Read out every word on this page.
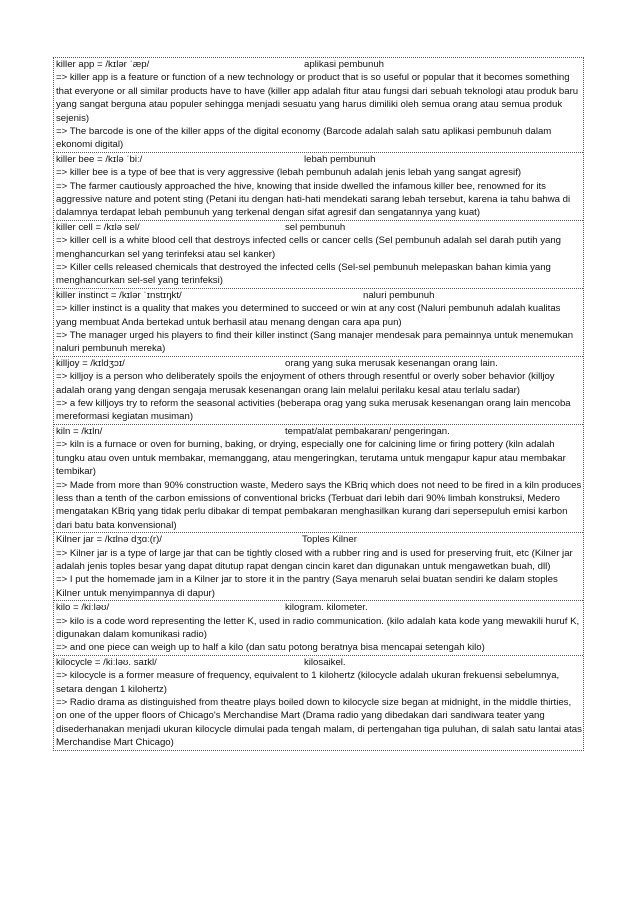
killer app = /kɪlər ˈæp/	aplikasi pembunuh
=> killer app is a feature or function of a new technology or product that is so useful or popular that it becomes something that everyone or all similar products have to have (killer app adalah fitur atau fungsi dari sebuah teknologi atau produk baru yang sangat berguna atau populer sehingga menjadi sesuatu yang harus dimiliki oleh semua orang atau semua produk sejenis)
=> The barcode is one of the killer apps of the digital economy (Barcode adalah salah satu aplikasi pembunuh dalam ekonomi digital)
killer bee = /kɪlə ˈbiː/	lebah pembunuh
=> killer bee is a type of bee that is very aggressive (lebah pembunuh adalah jenis lebah yang sangat agresif)
=> The farmer cautiously approached the hive, knowing that inside dwelled the infamous killer bee, renowned for its aggressive nature and potent sting (Petani itu dengan hati-hati mendekati sarang lebah tersebut, karena ia tahu bahwa di dalamnya terdapat lebah pembunuh yang terkenal dengan sifat agresif dan sengatannya yang kuat)
killer cell = /kɪlə sel/	sel pembunuh
=> killer cell is a white blood cell that destroys infected cells or cancer cells (Sel pembunuh adalah sel darah putih yang menghancurkan sel yang terinfeksi atau sel kanker)
=> Killer cells released chemicals that destroyed the infected cells (Sel-sel pembunuh melepaskan bahan kimia yang menghancurkan sel-sel yang terinfeksi)
killer instinct = /kɪlər ˈɪnstɪŋkt/	naluri pembunuh
=> killer instinct is a quality that makes you determined to succeed or win at any cost (Naluri pembunuh adalah kualitas yang membuat Anda bertekad untuk berhasil atau menang dengan cara apa pun)
=> The manager urged his players to find their killer instinct (Sang manajer mendesak para pemainnya untuk menemukan naluri pembunuh mereka)
killjoy = /kɪldʒɔɪ/	orang yang suka merusak kesenangan orang lain.
=> killjoy is a person who deliberately spoils the enjoyment of others through resentful or overly sober behavior (killjoy adalah orang yang dengan sengaja merusak kesenangan orang lain melalui perilaku kesal atau terlalu sadar)
=> a few killjoys try to reform the seasonal activities (beberapa orag yang suka merusak kesenangan orang lain mencoba mereformasi kegiatan musiman)
kiln = /kɪln/	tempat/alat pembakaran/ pengeringan.
=> kiln is a furnace or oven for burning, baking, or drying, especially one for calcining lime or firing pottery (kiln adalah tungku atau oven untuk membakar, memanggang, atau mengeringkan, terutama untuk mengapur kapur atau membakar tembikar)
=> Made from more than 90% construction waste, Medero says the KBriq which does not need to be fired in a kiln produces less than a tenth of the carbon emissions of conventional bricks (Terbuat dari lebih dari 90% limbah konstruksi, Medero mengatakan KBriq yang tidak perlu dibakar di tempat pembakaran menghasilkan kurang dari sepersepuluh emisi karbon dari batu bata konvensional)
Kilner jar = /kɪlnə dʒɑː(r)/	Toples Kilner
=> Kilner jar is a type of large jar that can be tightly closed with a rubber ring and is used for preserving fruit, etc (Kilner jar adalah jenis toples besar yang dapat ditutup rapat dengan cincin karet dan digunakan untuk mengawetkan buah, dll)
=> I put the homemade jam in a Kilner jar to store it in the pantry (Saya menaruh selai buatan sendiri ke dalam stoples Kilner untuk menyimpannya di dapur)
kilo = /kiːləʊ/	kilogram. kilometer.
=> kilo is a code word representing the letter K, used in radio communication. (kilo adalah kata kode yang mewakili huruf K, digunakan dalam komunikasi radio)
=> and one piece can weigh up to half a kilo (dan satu potong beratnya bisa mencapai setengah kilo)
kilocycle = /kiːləʊ. saɪkl/	kilosaikel.
=> kilocycle is a former measure of frequency, equivalent to 1 kilohertz (kilocycle adalah ukuran frekuensi sebelumnya, setara dengan 1 kilohertz)
=> Radio drama as distinguished from theatre plays boiled down to kilocycle size began at midnight, in the middle thirties, on one of the upper floors of Chicago's Merchandise Mart (Drama radio yang dibedakan dari sandiwara teater yang disederhanakan menjadi ukuran kilocycle dimulai pada tengah malam, di pertengahan tiga puluhan, di salah satu lantai atas Merchandise Mart Chicago)
